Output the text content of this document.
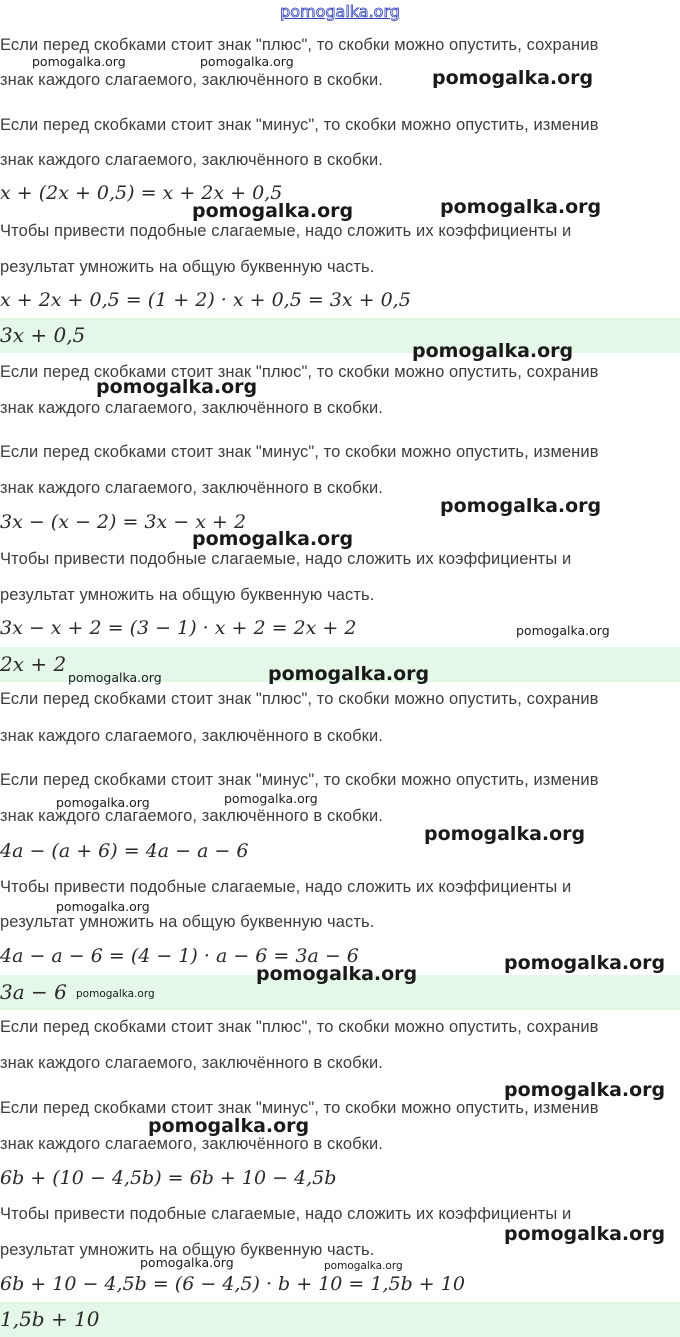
pomogalka.org
Если перед скобками стоит знак "плюс", то скобки можно опустить, сохранив
знак каждого слагаемого, заключённого в скобки.
Если перед скобками стоит знак "минус", то скобки можно опустить, изменив
знак каждого слагаемого, заключённого в скобки.
x + (2x + 0,5) = x + 2x + 0,5
Чтобы привести подобные слагаемые, надо сложить их коэффициенты и
результат умножить на общую буквенную часть.
x + 2x + 0,5 = (1 + 2) · x + 0,5 = 3x + 0,5
3x + 0,5
Если перед скобками стоит знак "плюс", то скобки можно опустить, сохранив
знак каждого слагаемого, заключённого в скобки.
Если перед скобками стоит знак "минус", то скобки можно опустить, изменив
знак каждого слагаемого, заключённого в скобки.
3x − (x − 2) = 3x − x + 2
Чтобы привести подобные слагаемые, надо сложить их коэффициенты и
результат умножить на общую буквенную часть.
3x − x + 2 = (3 − 1) · x + 2 = 2x + 2
2x + 2
Если перед скобками стоит знак "плюс", то скобки можно опустить, сохранив
знак каждого слагаемого, заключённого в скобки.
Если перед скобками стоит знак "минус", то скобки можно опустить, изменив
знак каждого слагаемого, заключённого в скобки.
4a − (a + 6) = 4a − a − 6
Чтобы привести подобные слагаемые, надо сложить их коэффициенты и
результат умножить на общую буквенную часть.
4a − a − 6 = (4 − 1) · a − 6 = 3a − 6
3a − 6
Если перед скобками стоит знак "плюс", то скобки можно опустить, сохранив
знак каждого слагаемого, заключённого в скобки.
Если перед скобками стоит знак "минус", то скобки можно опустить, изменив
знак каждого слагаемого, заключённого в скобки.
6b + (10 − 4,5b) = 6b + 10 − 4,5b
Чтобы привести подобные слагаемые, надо сложить их коэффициенты и
результат умножить на общую буквенную часть.
6b + 10 − 4,5b = (6 − 4,5) · b + 10 = 1,5b + 10
1,5b + 10
pomogalka.org	pomogalka.org
pomogalka.org
pomogalka.org	pomogalka.org
pomogalka.org
pomogalka.org
pomogalka.org
pomogalka.org
pomogalka.org
pomogalka.org	pomogalka.org
pomogalka.org	pomogalka.org
pomogalka.org
pomogalka.org
pomogalka.org	pomogalka.org
pomogalka.org
pomogalka.org
pomogalka.org
pomogalka.org
pomogalka.org	pomogalka.org
